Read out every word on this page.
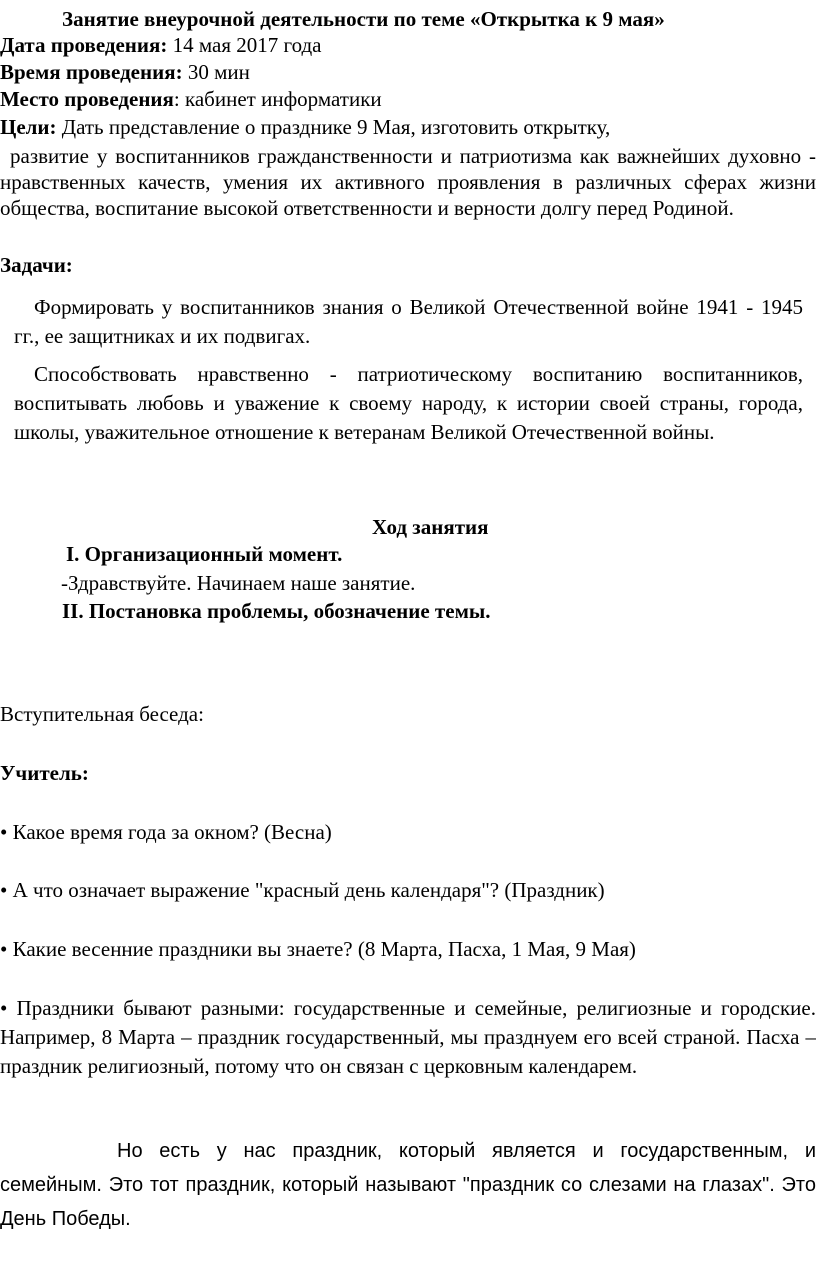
Занятие внеурочной деятельности по теме «Открытка к 9 мая»
Дата проведения: 14 мая 2017 года
Время проведения: 30 мин
Место проведения: кабинет информатики
Цели: Дать представление о празднике 9 Мая, изготовить открытку,
развитие у воспитанников гражданственности и патриотизма как важнейших духовно - нравственных качеств, умения их активного проявления в различных сферах жизни общества, воспитание высокой ответственности и верности долгу перед Родиной.
Задачи:
Формировать у воспитанников знания о Великой Отечественной войне 1941 - 1945 гг., ее защитниках и их подвигах.
Способствовать нравственно - патриотическому воспитанию воспитанников, воспитывать любовь и уважение к своему народу, к истории своей страны, города, школы, уважительное отношение к ветеранам Великой Отечественной войны.
Ход занятия
I. Организационный момент.
-Здравствуйте. Начинаем наше занятие.
II. Постановка проблемы, обозначение темы.
Вступительная беседа:
Учитель:
• Какое время года за окном? (Весна)
• А что означает выражение "красный день календаря"? (Праздник)
• Какие весенние праздники вы знаете? (8 Марта, Пасха, 1 Мая, 9 Мая)
• Праздники бывают разными: государственные и семейные, религиозные и городские. Например, 8 Марта – праздник государственный, мы празднуем его всей страной. Пасха – праздник религиозный, потому что он связан с церковным календарем.
Но есть у нас праздник, который является и государственным, и семейным. Это тот праздник, который называют "праздник со слезами на глазах". Это День Победы.
